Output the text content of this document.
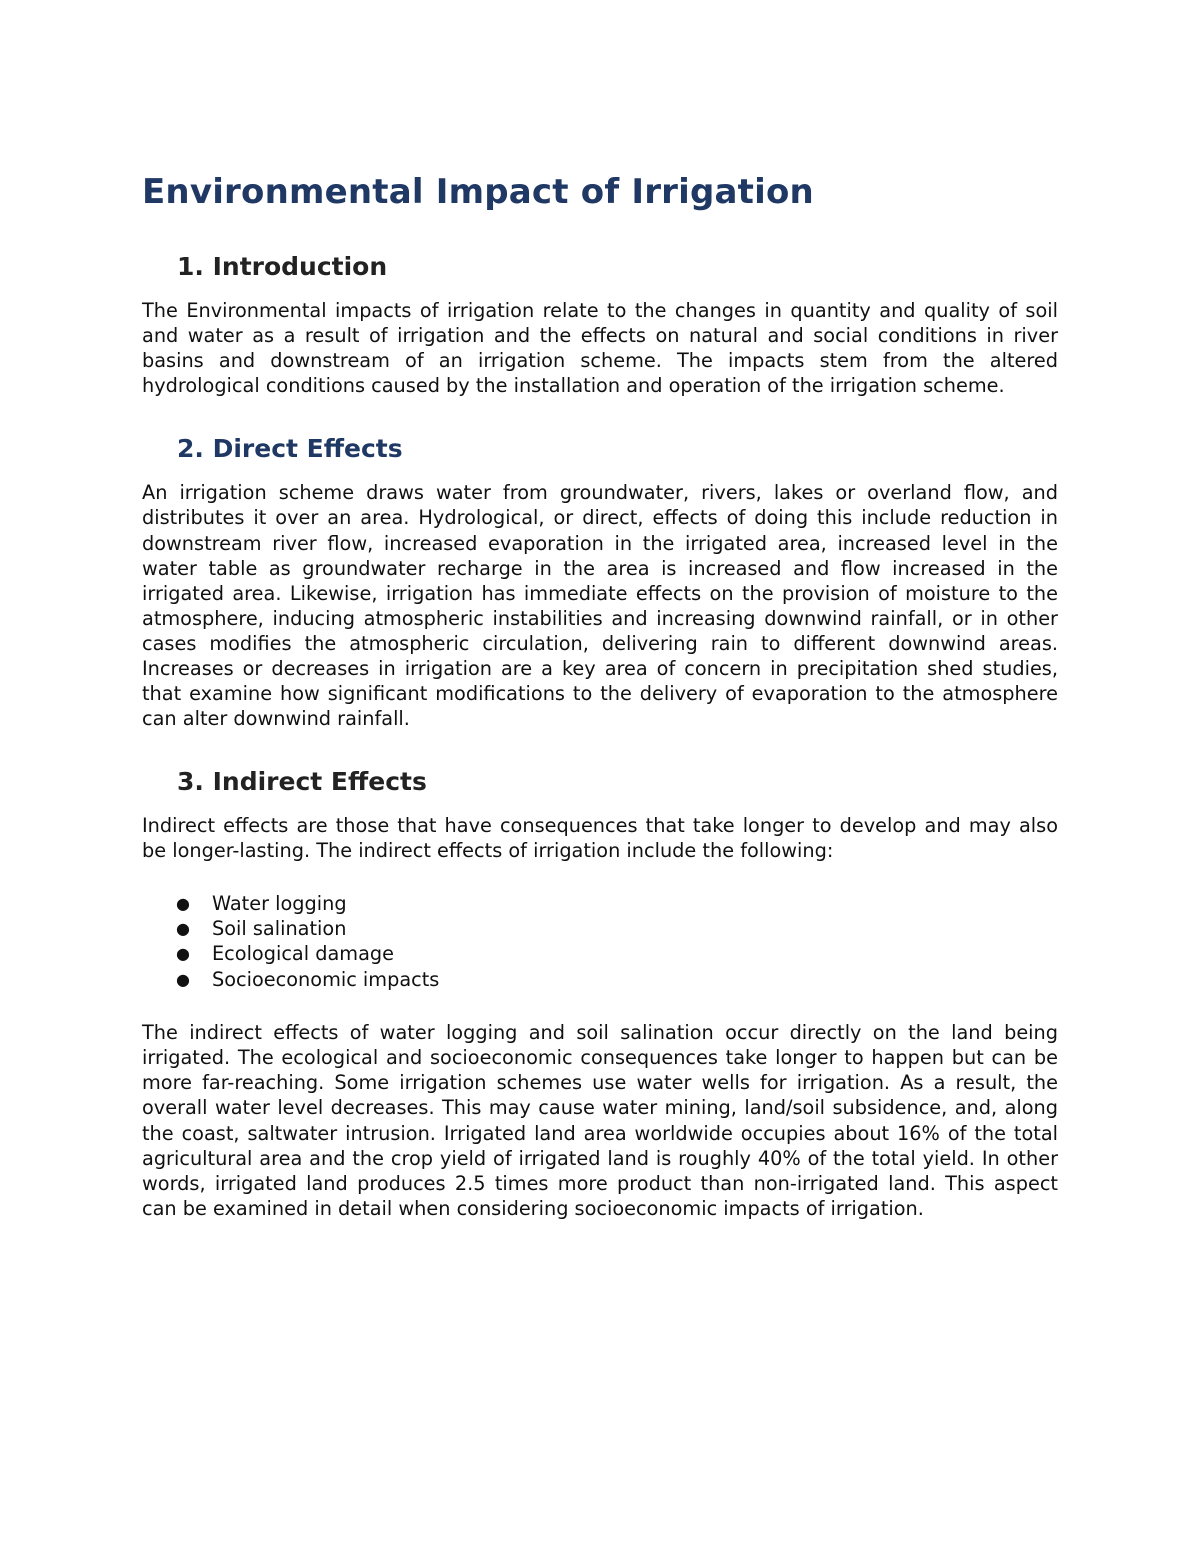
Environmental Impact of Irrigation
1. Introduction

The Environmental impacts of irrigation relate to the changes in quantity and quality of soil and water as a result of irrigation and the effects on natural and social conditions in river basins and downstream of an irrigation scheme. The impacts stem from the altered hydrological conditions caused by the installation and operation of the irrigation scheme.

2. Direct Effects

An irrigation scheme draws water from groundwater, rivers, lakes or overland flow, and distributes it over an area. Hydrological, or direct, effects of doing this include reduction in downstream river flow, increased evaporation in the irrigated area, increased level in the water table as groundwater recharge in the area is increased and flow increased in the irrigated area. Likewise, irrigation has immediate effects on the provision of moisture to the atmosphere, inducing atmospheric instabilities and increasing downwind rainfall, or in other cases modifies the atmospheric circulation, delivering rain to different downwind areas. Increases or decreases in irrigation are a key area of concern in precipitation shed studies, that examine how significant modifications to the delivery of evaporation to the atmosphere can alter downwind rainfall.

3. Indirect Effects

Indirect effects are those that have consequences that take longer to develop and may also be longer-lasting. The indirect effects of irrigation include the following:

● Water logging
● Soil salination
● Ecological damage
● Socioeconomic impacts

The indirect effects of water logging and soil salination occur directly on the land being irrigated. The ecological and socioeconomic consequences take longer to happen but can be more far-reaching. Some irrigation schemes use water wells for irrigation. As a result, the overall water level decreases. This may cause water mining, land/soil subsidence, and, along the coast, saltwater intrusion. Irrigated land area worldwide occupies about 16% of the total agricultural area and the crop yield of irrigated land is roughly 40% of the total yield. In other words, irrigated land produces 2.5 times more product than non-irrigated land. This aspect can be examined in detail when considering socioeconomic impacts of irrigation.
